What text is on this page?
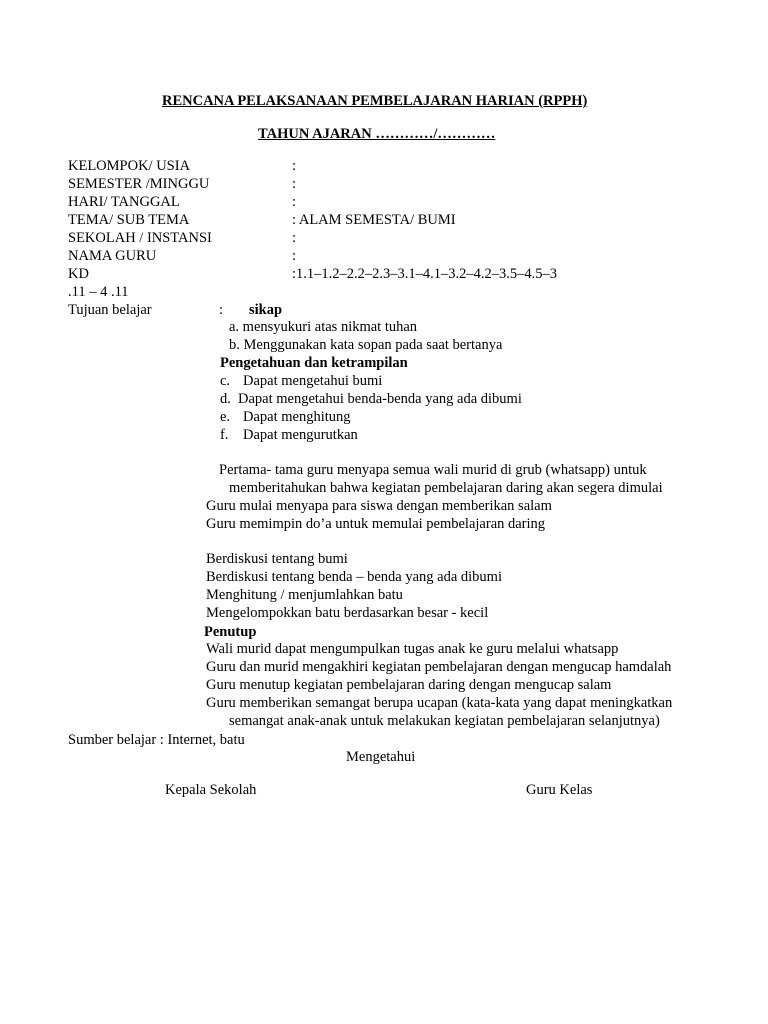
RENCANA PELAKSANAAN PEMBELAJARAN HARIAN (RPPH)
TAHUN AJARAN …………/…………
KELOMPOK/ USIA	:
SEMESTER /MINGGU	:
HARI/ TANGGAL	:
TEMA/ SUB TEMA	: ALAM SEMESTA/ BUMI
SEKOLAH / INSTANSI	:
NAMA GURU	:
KD	:1.1–1.2–2.2–2.3–3.1–4.1–3.2–4.2–3.5–4.5–3
.11 – 4 .11
Tujuan belajar	: sikap
a. mensyukuri atas nikmat tuhan
b. Menggunakan kata sopan pada saat bertanya
Pengetahuan dan ketrampilan
c. Dapat mengetahui bumi
d. Dapat mengetahui benda-benda yang ada dibumi
e. Dapat menghitung
f. Dapat mengurutkan
Pertama- tama guru menyapa semua wali murid di grub (whatsapp) untuk
memberitahukan bahwa kegiatan pembelajaran daring akan segera dimulai
Guru mulai menyapa para siswa dengan memberikan salam
Guru memimpin do’a untuk memulai pembelajaran daring
Berdiskusi tentang bumi
Berdiskusi tentang benda – benda yang ada dibumi
Menghitung / menjumlahkan batu
Mengelompokkan batu berdasarkan besar - kecil
Penutup
Wali murid dapat mengumpulkan tugas anak ke guru melalui whatsapp
Guru dan murid mengakhiri kegiatan pembelajaran dengan mengucap hamdalah
Guru menutup kegiatan pembelajaran daring dengan mengucap salam
Guru memberikan semangat berupa ucapan (kata-kata yang dapat meningkatkan
semangat anak-anak untuk melakukan kegiatan pembelajaran selanjutnya)
Sumber belajar : Internet, batu
Mengetahui
Kepala Sekolah	Guru Kelas
